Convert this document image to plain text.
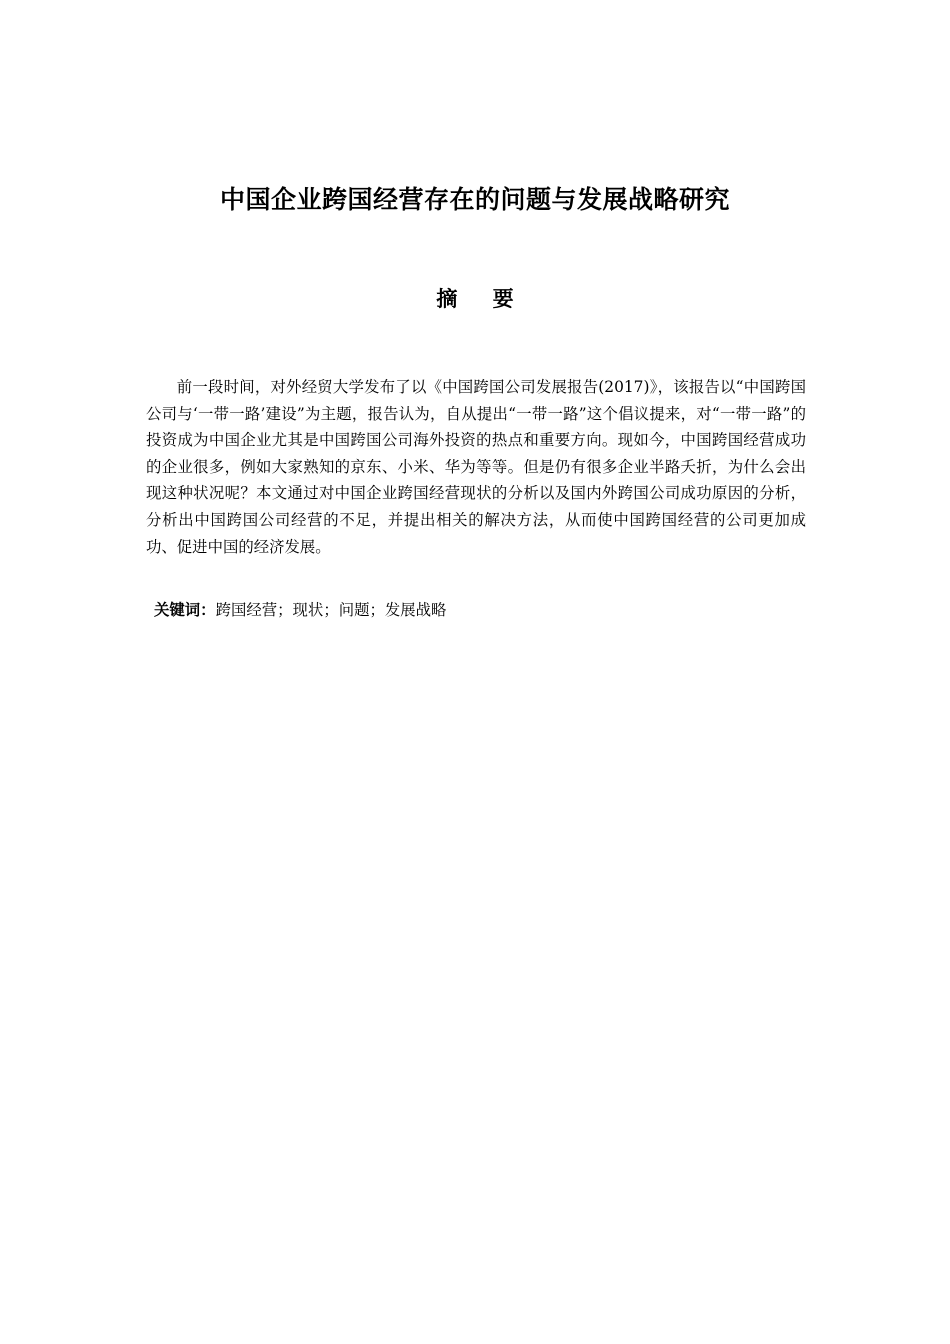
中国企业跨国经营存在的问题与发展战略研究
摘 要
前一段时间，对外经贸大学发布了以《中国跨国公司发展报告(2017)》，该报告以“中国跨国公司与‘一带一路’建设”为主题，报告认为，自从提出“一带一路”这个倡议提来，对“一带一路”的投资成为中国企业尤其是中国跨国公司海外投资的热点和重要方向。现如今，中国跨国经营成功的企业很多，例如大家熟知的京东、小米、华为等等。但是仍有很多企业半路夭折，为什么会出现这种状况呢？本文通过对中国企业跨国经营现状的分析以及国内外跨国公司成功原因的分析，分析出中国跨国公司经营的不足，并提出相关的解决方法，从而使中国跨国经营的公司更加成功、促进中国的经济发展。
关键词：跨国经营；现状；问题；发展战略
